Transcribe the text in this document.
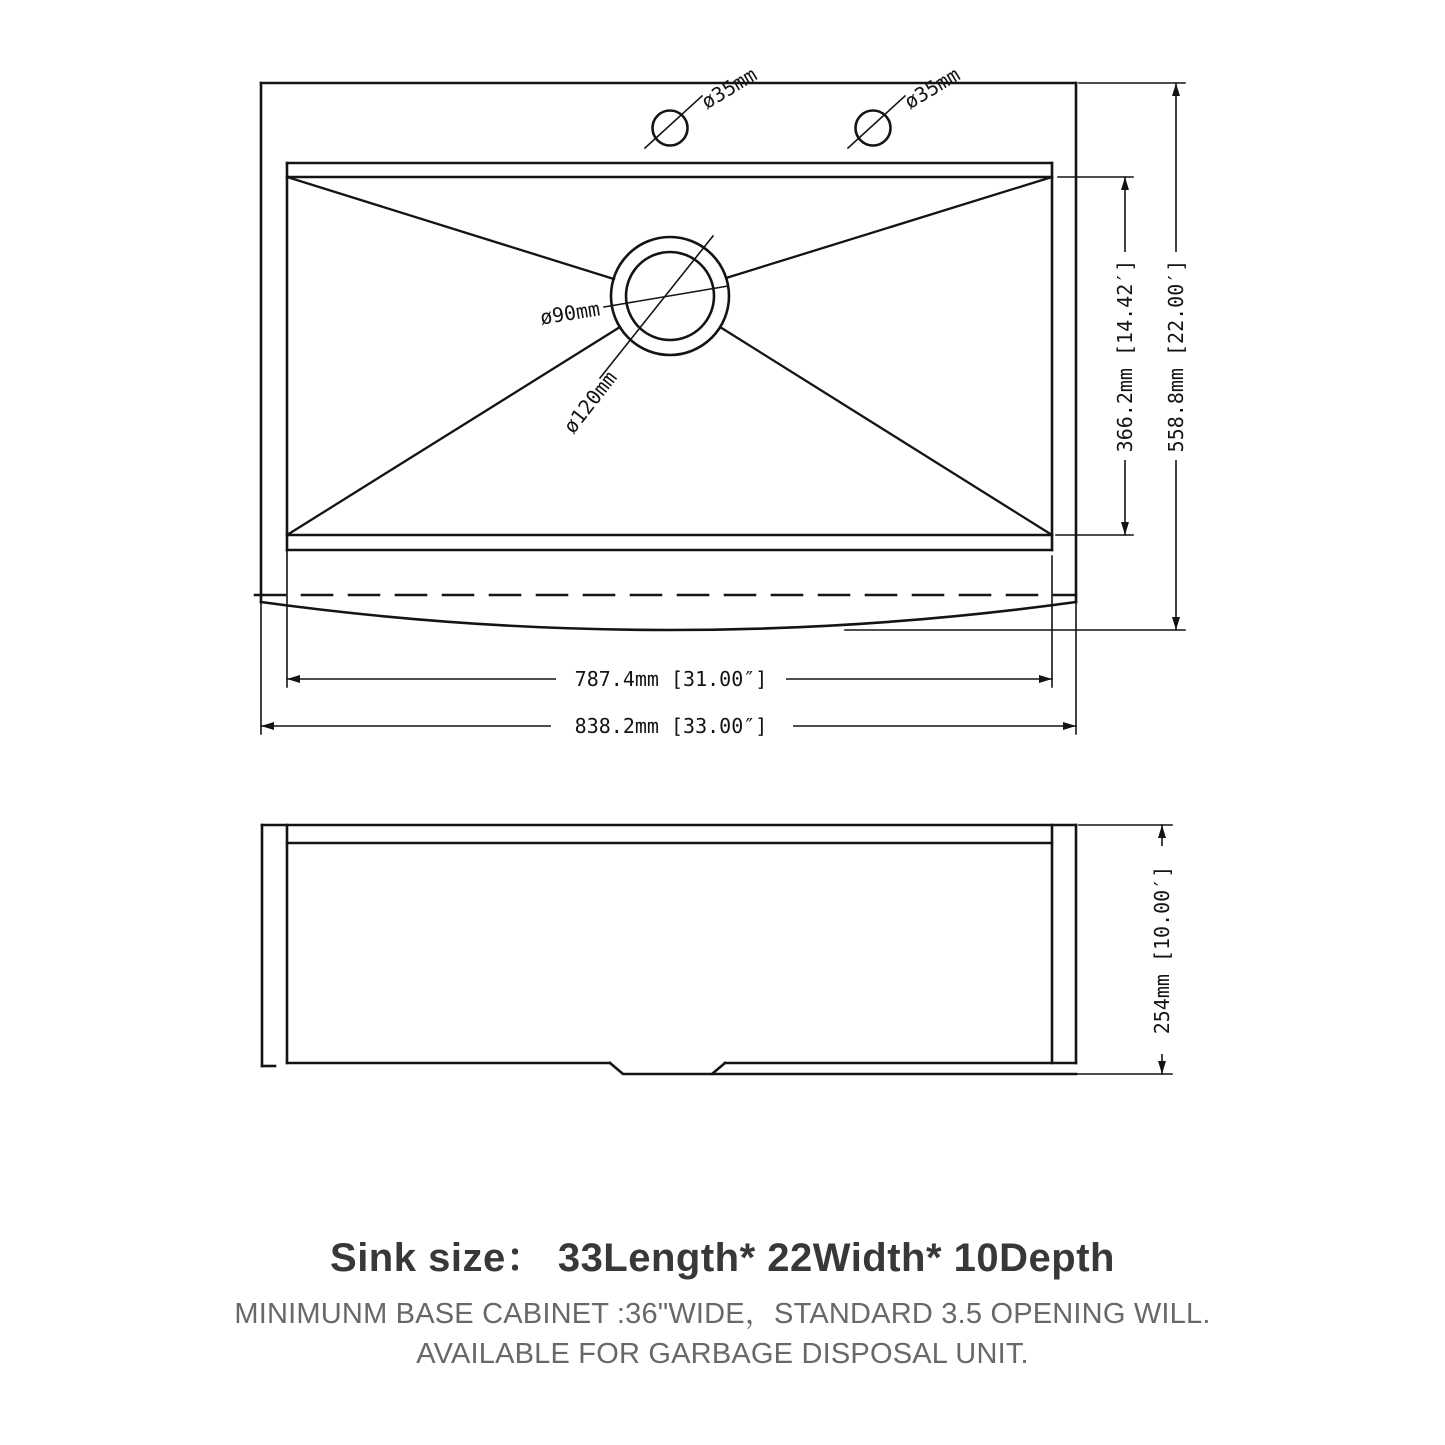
ø35mm	ø35mm
ø90mm
ø120mm
787.4mm [31.00″]
838.2mm [33.00″]
366.2mm [14.42′] 558.8mm [22.00′]
254mm [10.00′]
Sink size： 33Length* 22Width* 10Depth
MINIMUNM BASE CABINET :36"WIDE，STANDARD 3.5 OPENING WILL.
AVAILABLE FOR GARBAGE DISPOSAL UNIT.
